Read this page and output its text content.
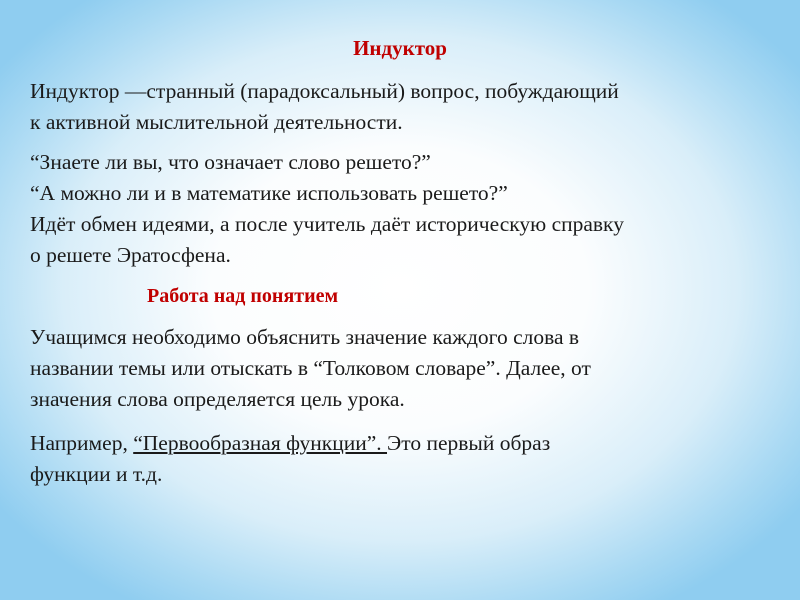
Индуктор

Индуктор —странный (парадоксальный) вопрос, побуждающий
к активной мыслительной деятельности.

“Знаете ли вы, что означает слово решето?”
“А можно ли и в математике использовать решето?”
Идёт обмен идеями, а после учитель даёт историческую справку
о решете Эратосфена.

Работа над понятием

Учащимся необходимо объяснить значение каждого слова в
названии темы или отыскать в “Толковом словаре”. Далее, от
значения слова определяется цель урока.

Например, “Первообразная функции”. Это первый образ
функции и т.д.
